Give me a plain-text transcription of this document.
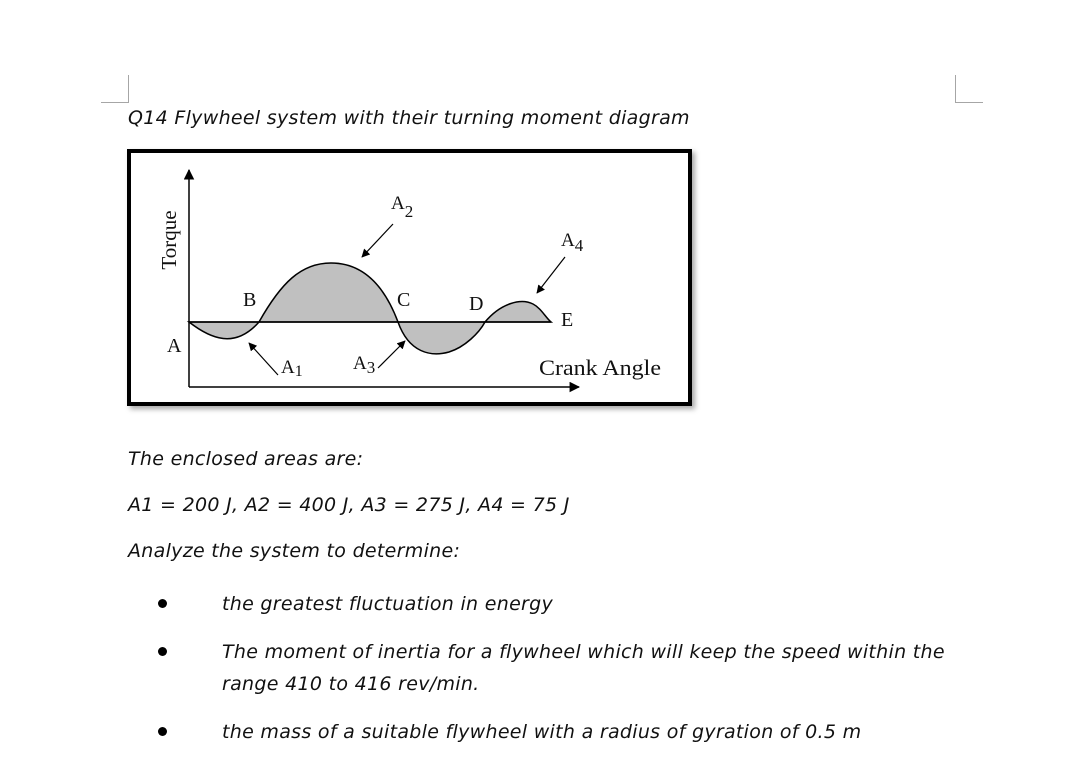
Q14 Flywheel system with their turning moment diagram
Torque
Crank Angle
A
B	C	D
E
A1
A2
A3
A4
The enclosed areas are:
A1 = 200 J, A2 = 400 J, A3 = 275 J, A4 = 75 J
Analyze the system to determine:
the greatest fluctuation in energy
The moment of inertia for a flywheel which will keep the speed within the range 410 to 416 rev/min.
the mass of a suitable flywheel with a radius of gyration of 0.5 m
